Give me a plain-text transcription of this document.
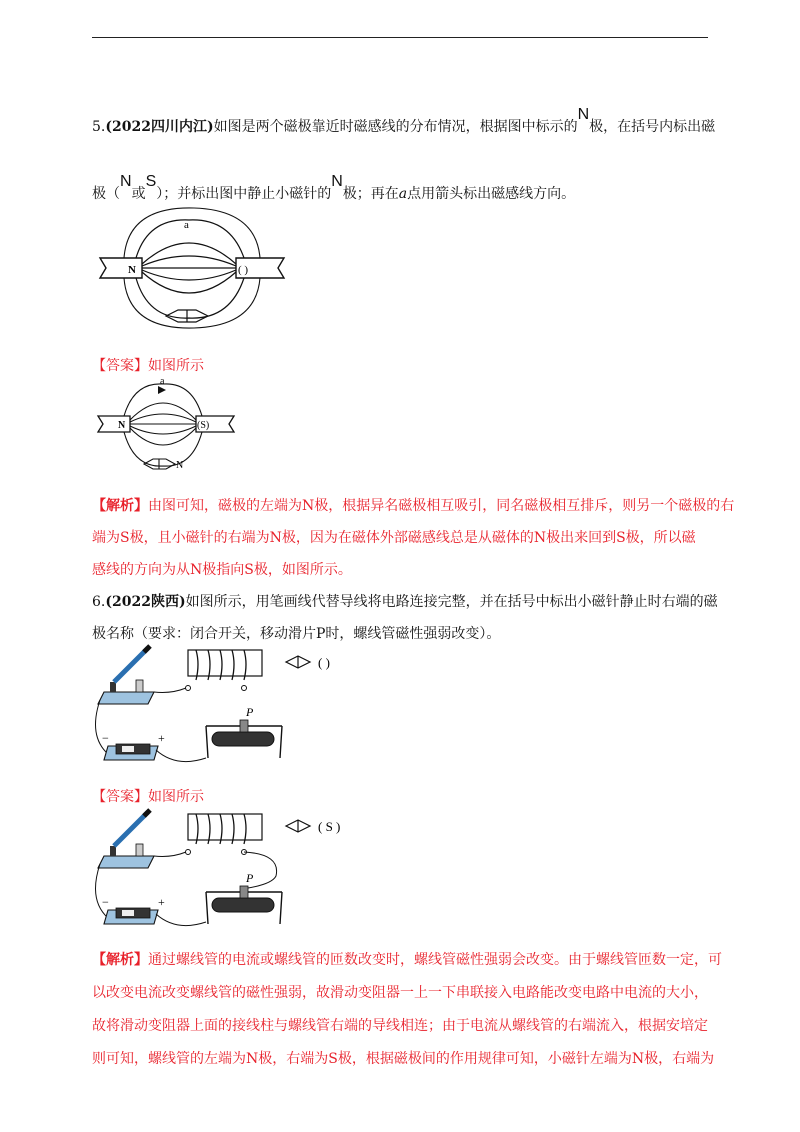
5.(2022四川内江)如图是两个磁极靠近时磁感线的分布情况，根据图中标示的N极，在括号内标出磁
极（N或S）；并标出图中静止小磁针的N极；再在a点用箭头标出磁感线方向。
a
N	( )
【答案】如图所示
a
N	(S)
N
【解析】由图可知，磁极的左端为N极，根据异名磁极相互吸引，同名磁极相互排斥，则另一个磁极的右
端为S极，且小磁针的右端为N极，因为在磁体外部磁感线总是从磁体的N极出来回到S极，所以磁
感线的方向为从N极指向S极，如图所示。
6.(2022陕西)如图所示，用笔画线代替导线将电路连接完整，并在括号中标出小磁针静止时右端的磁
极名称（要求：闭合开关，移动滑片P时，螺线管磁性强弱改变）。
( )
−	+
P
【答案】如图所示
( S )
−	+
P
【解析】通过螺线管的电流或螺线管的匝数改变时，螺线管磁性强弱会改变。由于螺线管匝数一定，可
以改变电流改变螺线管的磁性强弱，故滑动变阻器一上一下串联接入电路能改变电路中电流的大小，
故将滑动变阻器上面的接线柱与螺线管右端的导线相连；由于电流从螺线管的右端流入，根据安培定
则可知，螺线管的左端为N极，右端为S极，根据磁极间的作用规律可知，小磁针左端为N极，右端为
